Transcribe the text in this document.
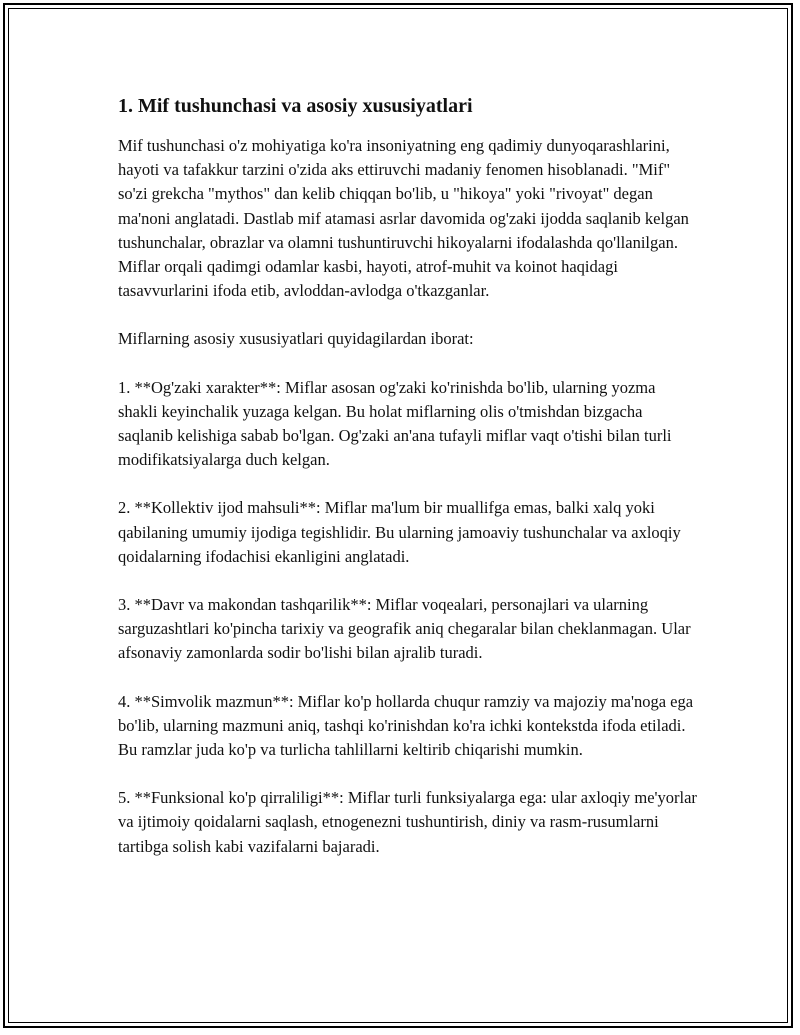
1. Mif tushunchasi va asosiy xususiyatlari

Mif tushunchasi o'z mohiyatiga ko'ra insoniyatning eng qadimiy dunyoqarashlarini, hayoti va tafakkur tarzini o'zida aks ettiruvchi madaniy fenomen hisoblanadi. "Mif" so'zi grekcha "mythos" dan kelib chiqqan bo'lib, u "hikoya" yoki "rivoyat" degan ma'noni anglatadi. Dastlab mif atamasi asrlar davomida og'zaki ijodda saqlanib kelgan tushunchalar, obrazlar va olamni tushuntiruvchi hikoyalarni ifodalashda qo'llanilgan. Miflar orqali qadimgi odamlar kasbi, hayoti, atrof-muhit va koinot haqidagi tasavvurlarini ifoda etib, avloddan-avlodga o'tkazganlar.

Miflarning asosiy xususiyatlari quyidagilardan iborat:

1. **Og'zaki xarakter**: Miflar asosan og'zaki ko'rinishda bo'lib, ularning yozma shakli keyinchalik yuzaga kelgan. Bu holat miflarning olis o'tmishdan bizgacha saqlanib kelishiga sabab bo'lgan. Og'zaki an'ana tufayli miflar vaqt o'tishi bilan turli modifikatsiyalarga duch kelgan.

2. **Kollektiv ijod mahsuli**: Miflar ma'lum bir muallifga emas, balki xalq yoki qabilaning umumiy ijodiga tegishlidir. Bu ularning jamoaviy tushunchalar va axloqiy qoidalarning ifodachisi ekanligini anglatadi.

3. **Davr va makondan tashqarilik**: Miflar voqealari, personajlari va ularning sarguzashtlari ko'pincha tarixiy va geografik aniq chegaralar bilan cheklanmagan. Ular afsonaviy zamonlarda sodir bo'lishi bilan ajralib turadi.

4. **Simvolik mazmun**: Miflar ko'p hollarda chuqur ramziy va majoziy ma'noga ega bo'lib, ularning mazmuni aniq, tashqi ko'rinishdan ko'ra ichki kontekstda ifoda etiladi. Bu ramzlar juda ko'p va turlicha tahlillarni keltirib chiqarishi mumkin.

5. **Funksional ko'p qirraliligi**: Miflar turli funksiyalarga ega: ular axloqiy me'yorlar va ijtimoiy qoidalarni saqlash, etnogenezni tushuntirish, diniy va rasm-rusumlarni tartibga solish kabi vazifalarni bajaradi.
